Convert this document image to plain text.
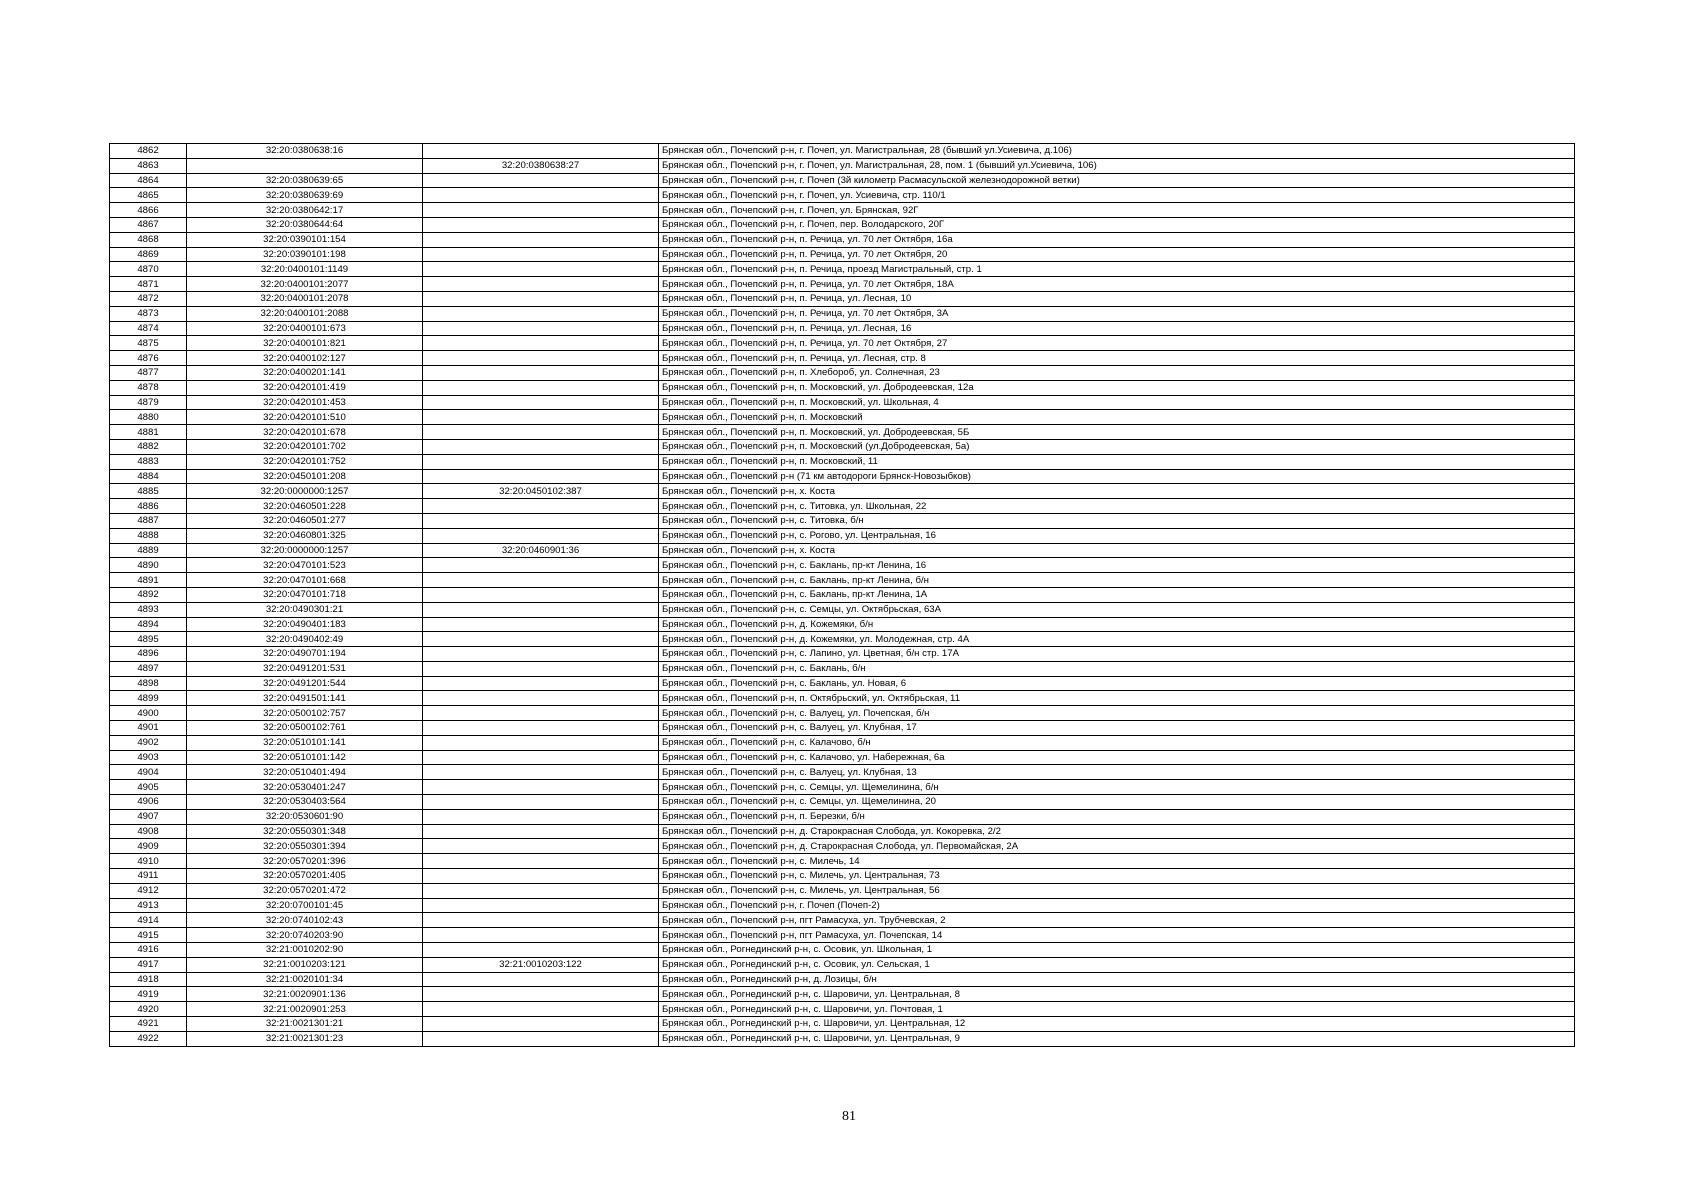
4862	32:20:0380638:16		Брянская обл., Почепский р-н, г. Почеп, ул. Магистральная, 28 (бывший ул.Усиевича, д.106)
4863		32:20:0380638:27	Брянская обл., Почепский р-н, г. Почеп, ул. Магистральная, 28, пом. 1 (бывший ул.Усиевича, 106)
4864	32:20:0380639:65		Брянская обл., Почепский р-н, г. Почеп (3й километр Расмасульской железнодорожной ветки)
4865	32:20:0380639:69		Брянская обл., Почепский р-н, г. Почеп, ул. Усиевича, стр. 110/1
4866	32:20:0380642:17		Брянская обл., Почепский р-н, г. Почеп, ул. Брянская, 92Г
4867	32:20:0380644:64		Брянская обл., Почепский р-н, г. Почеп, пер. Володарского, 20Г
4868	32:20:0390101:154		Брянская обл., Почепский р-н, п. Речица, ул. 70 лет Октября, 16а
4869	32:20:0390101:198		Брянская обл., Почепский р-н, п. Речица, ул. 70 лет Октября, 20
4870	32:20:0400101:1149		Брянская обл., Почепский р-н, п. Речица, проезд Магистральный, стр. 1
4871	32:20:0400101:2077		Брянская обл., Почепский р-н, п. Речица, ул. 70 лет Октября, 18А
4872	32:20:0400101:2078		Брянская обл., Почепский р-н, п. Речица, ул. Лесная, 10
4873	32:20:0400101:2088		Брянская обл., Почепский р-н, п. Речица, ул. 70 лет Октября, 3А
4874	32:20:0400101:673		Брянская обл., Почепский р-н, п. Речица, ул. Лесная, 16
4875	32:20:0400101:821		Брянская обл., Почепский р-н, п. Речица, ул. 70 лет Октября, 27
4876	32:20:0400102:127		Брянская обл., Почепский р-н, п. Речица, ул. Лесная, стр. 8
4877	32:20:0400201:141		Брянская обл., Почепский р-н, п. Хлебороб, ул. Солнечная, 23
4878	32:20:0420101:419		Брянская обл., Почепский р-н, п. Московский, ул. Добродеевская, 12а
4879	32:20:0420101:453		Брянская обл., Почепский р-н, п. Московский, ул. Школьная, 4
4880	32:20:0420101:510		Брянская обл., Почепский р-н, п. Московский
4881	32:20:0420101:678		Брянская обл., Почепский р-н, п. Московский, ул. Добродеевская, 5Б
4882	32:20:0420101:702		Брянская обл., Почепский р-н, п. Московский (ул.Добродеевская, 5а)
4883	32:20:0420101:752		Брянская обл., Почепский р-н, п. Московский, 11
4884	32:20:0450101:208		Брянская обл., Почепский р-н (71 км автодороги Брянск-Новозыбков)
4885	32:20:0000000:1257	32:20:0450102:387	Брянская обл., Почепский р-н, х. Коста
4886	32:20:0460501:228		Брянская обл., Почепский р-н, с. Титовка, ул. Школьная, 22
4887	32:20:0460501:277		Брянская обл., Почепский р-н, с. Титовка, б/н
4888	32:20:0460801:325		Брянская обл., Почепский р-н, с. Рогово, ул. Центральная, 16
4889	32:20:0000000:1257	32:20:0460901:36	Брянская обл., Почепский р-н, х. Коста
4890	32:20:0470101:523		Брянская обл., Почепский р-н, с. Баклань, пр-кт Ленина, 16
4891	32:20:0470101:668		Брянская обл., Почепский р-н, с. Баклань, пр-кт Ленина, б/н
4892	32:20:0470101:718		Брянская обл., Почепский р-н, с. Баклань, пр-кт Ленина, 1А
4893	32:20:0490301:21		Брянская обл., Почепский р-н, с. Семцы, ул. Октябрьская, 63А
4894	32:20:0490401:183		Брянская обл., Почепский р-н, д. Кожемяки, б/н
4895	32:20:0490402:49		Брянская обл., Почепский р-н, д. Кожемяки, ул. Молодежная, стр. 4А
4896	32:20:0490701:194		Брянская обл., Почепский р-н, с. Лапино, ул. Цветная, б/н стр. 17А
4897	32:20:0491201:531		Брянская обл., Почепский р-н, с. Баклань, б/н
4898	32:20:0491201:544		Брянская обл., Почепский р-н, с. Баклань, ул. Новая, 6
4899	32:20:0491501:141		Брянская обл., Почепский р-н, п. Октябрьский, ул. Октябрьская, 11
4900	32:20:0500102:757		Брянская обл., Почепский р-н, с. Валуец, ул. Почепская, б/н
4901	32:20:0500102:761		Брянская обл., Почепский р-н, с. Валуец, ул. Клубная, 17
4902	32:20:0510101:141		Брянская обл., Почепский р-н, с. Калачово, б/н
4903	32:20:0510101:142		Брянская обл., Почепский р-н, с. Калачово, ул. Набережная, 6а
4904	32:20:0510401:494		Брянская обл., Почепский р-н, с. Валуец, ул. Клубная, 13
4905	32:20:0530401:247		Брянская обл., Почепский р-н, с. Семцы, ул. Щемелинина, б/н
4906	32:20:0530403:564		Брянская обл., Почепский р-н, с. Семцы, ул. Щемелинина, 20
4907	32:20:0530601:90		Брянская обл., Почепский р-н, п. Березки, б/н
4908	32:20:0550301:348		Брянская обл., Почепский р-н, д. Старокрасная Слобода, ул. Кокоревка, 2/2
4909	32:20:0550301:394		Брянская обл., Почепский р-н, д. Старокрасная Слобода, ул. Первомайская, 2А
4910	32:20:0570201:396		Брянская обл., Почепский р-н, с. Милечь, 14
4911	32:20:0570201:405		Брянская обл., Почепский р-н, с. Милечь, ул. Центральная, 73
4912	32:20:0570201:472		Брянская обл., Почепский р-н, с. Милечь, ул. Центральная, 56
4913	32:20:0700101:45		Брянская обл., Почепский р-н, г. Почеп (Почеп-2)
4914	32:20:0740102:43		Брянская обл., Почепский р-н, пгт Рамасуха, ул. Трубчевская, 2
4915	32:20:0740203:90		Брянская обл., Почепский р-н, пгт Рамасуха, ул. Почепская, 14
4916	32:21:0010202:90		Брянская обл., Рогнединский р-н, с. Осовик, ул. Школьная, 1
4917	32:21:0010203:121	32:21:0010203:122	Брянская обл., Рогнединский р-н, с. Осовик, ул. Сельская, 1
4918	32:21:0020101:34		Брянская обл., Рогнединский р-н, д. Лозицы, б/н
4919	32:21:0020901:136		Брянская обл., Рогнединский р-н, с. Шаровичи, ул. Центральная, 8
4920	32:21:0020901:253		Брянская обл., Рогнединский р-н, с. Шаровичи, ул. Почтовая, 1
4921	32:21:0021301:21		Брянская обл., Рогнединский р-н, с. Шаровичи, ул. Центральная, 12
4922	32:21:0021301:23		Брянская обл., Рогнединский р-н, с. Шаровичи, ул. Центральная, 9
81
